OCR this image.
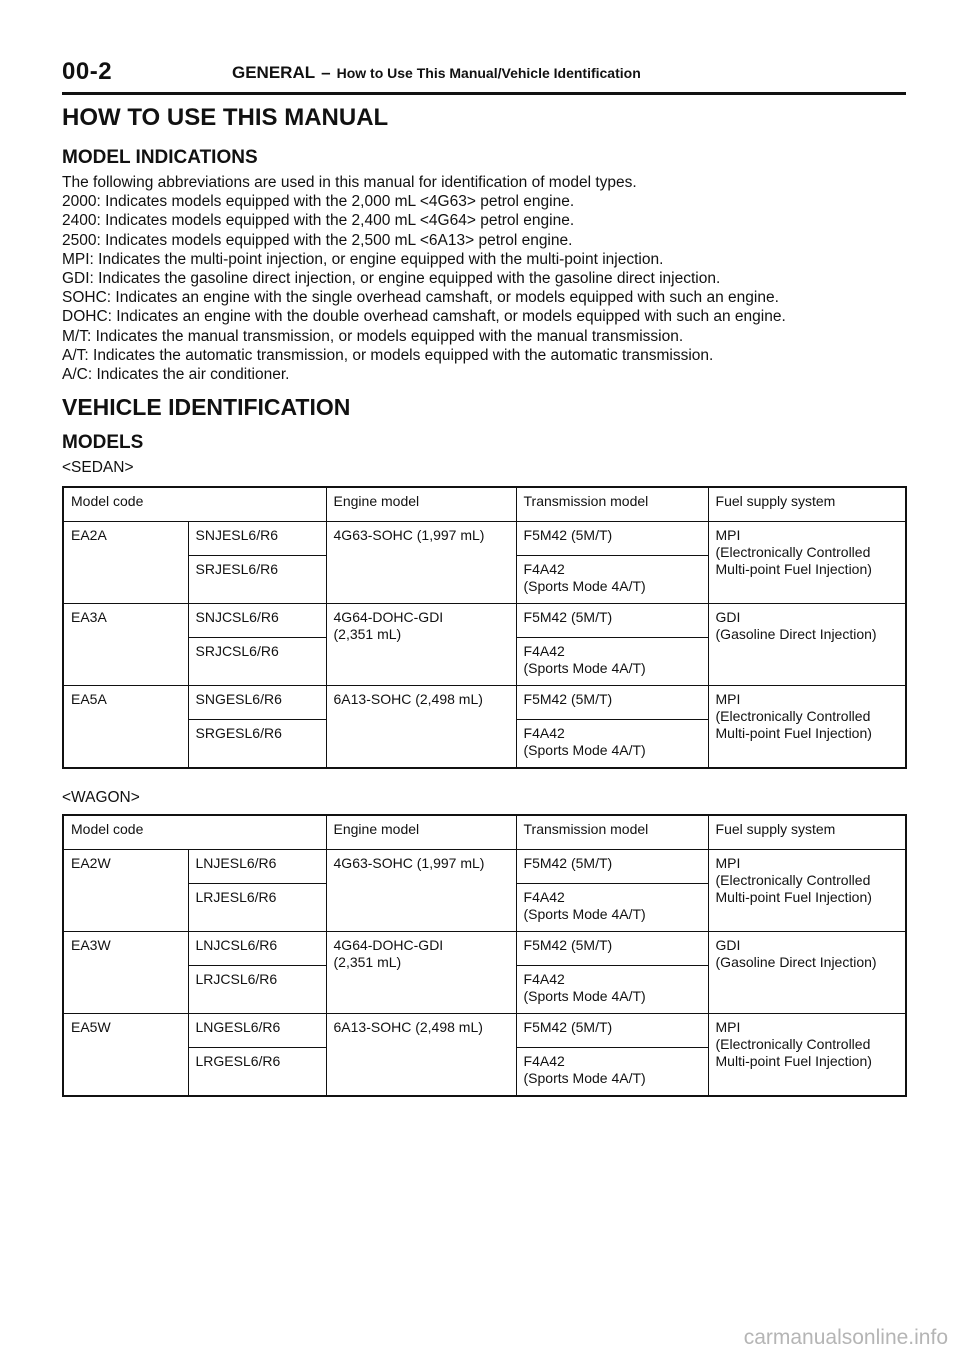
00-2	GENERAL – How to Use This Manual/Vehicle Identification
HOW TO USE THIS MANUAL
MODEL INDICATIONS
The following abbreviations are used in this manual for identification of model types.
2000: Indicates models equipped with the 2,000 mL <4G63> petrol engine.
2400: Indicates models equipped with the 2,400 mL <4G64> petrol engine.
2500: Indicates models equipped with the 2,500 mL <6A13> petrol engine.
MPI: Indicates the multi-point injection, or engine equipped with the multi-point injection.
GDI: Indicates the gasoline direct injection, or engine equipped with the gasoline direct injection.
SOHC: Indicates an engine with the single overhead camshaft, or models equipped with such an engine.
DOHC: Indicates an engine with the double overhead camshaft, or models equipped with such an engine.
M/T: Indicates the manual transmission, or models equipped with the manual transmission.
A/T: Indicates the automatic transmission, or models equipped with the automatic transmission.
A/C: Indicates the air conditioner.
VEHICLE IDENTIFICATION
MODELS
<SEDAN>
Model code		Engine model	Transmission model	Fuel supply system
EA2A	SNJESL6/R6	4G63-SOHC (1,997 mL)	F5M42 (5M/T)	MPI
(Electronically Controlled
Multi-point Fuel Injection)
	SRJESL6/R6		F4A42
(Sports Mode 4A/T)	
EA3A	SNJCSL6/R6	4G64-DOHC-GDI
(2,351 mL)	F5M42 (5M/T)	GDI
(Gasoline Direct Injection)
	SRJCSL6/R6		F4A42
(Sports Mode 4A/T)	
EA5A	SNGESL6/R6	6A13-SOHC (2,498 mL)	F5M42 (5M/T)	MPI
(Electronically Controlled
Multi-point Fuel Injection)
	SRGESL6/R6		F4A42
(Sports Mode 4A/T)	
<WAGON>
Model code		Engine model	Transmission model	Fuel supply system
EA2W	LNJESL6/R6	4G63-SOHC (1,997 mL)	F5M42 (5M/T)	MPI
(Electronically Controlled
Multi-point Fuel Injection)
	LRJESL6/R6		F4A42
(Sports Mode 4A/T)	
EA3W	LNJCSL6/R6	4G64-DOHC-GDI
(2,351 mL)	F5M42 (5M/T)	GDI
(Gasoline Direct Injection)
	LRJCSL6/R6		F4A42
(Sports Mode 4A/T)	
EA5W	LNGESL6/R6	6A13-SOHC (2,498 mL)	F5M42 (5M/T)	MPI
(Electronically Controlled
Multi-point Fuel Injection)
	LRGESL6/R6		F4A42
(Sports Mode 4A/T)	
carmanualsonline.info
